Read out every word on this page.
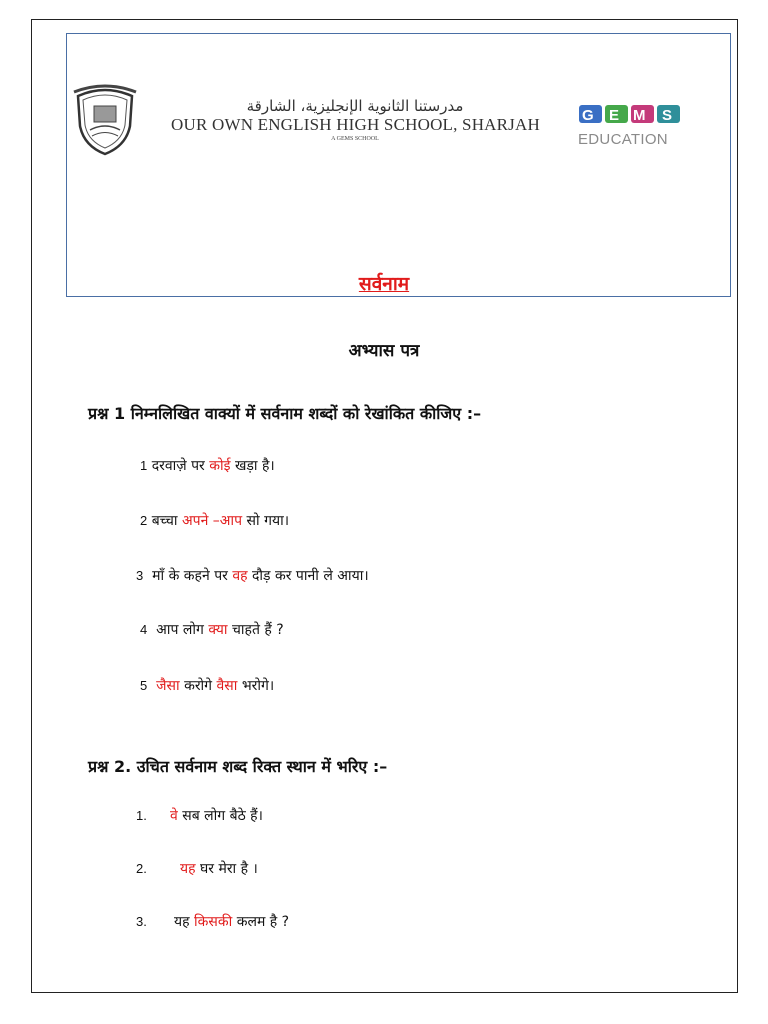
مدرستنا الثانوية الإنجليزية، الشارقة
OUR OWN ENGLISH HIGH SCHOOL, SHARJAH
A GEMS SCHOOL
G E M S
EDUCATION
सर्वनाम
अभ्यास पत्र
प्रश्न 1 निम्नलिखित वाक्यों में सर्वनाम शब्दों को रेखांकित कीजिए :–
1 दरवाज़े पर कोई खड़ा है।
2 बच्चा अपने –आप सो गया।
3 माँ के कहने पर वह दौड़ कर पानी ले आया।
4 आप लोग क्या चाहते हैं ?
5 जैसा करोगे वैसा भरोगे।
प्रश्न 2. उचित सर्वनाम शब्द रिक्त स्थान में भरिए :–
1. वे सब लोग बैठे हैं।
2. यह घर मेरा है ।
3. यह किसकी कलम है ?
